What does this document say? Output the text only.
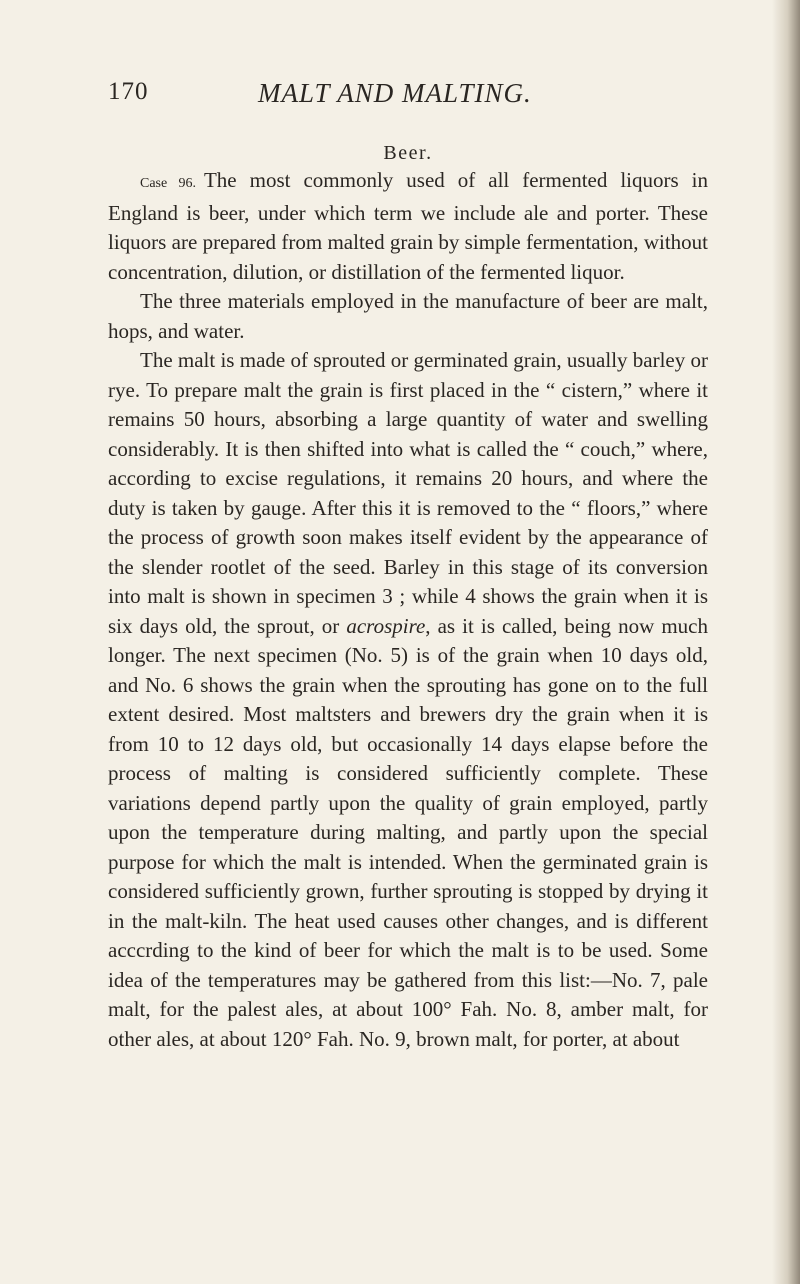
170	MALT AND MALTING.
Beer.

Case 96. The most commonly used of all fermented liquors in England is beer, under which term we include ale and porter. These liquors are prepared from malted grain by simple fermentation, without concentration, dilution, or distillation of the fermented liquor.

The three materials employed in the manufacture of beer are malt, hops, and water.

The malt is made of sprouted or germinated grain, usually barley or rye. To prepare malt the grain is first placed in the “ cistern,” where it remains 50 hours, absorbing a large quantity of water and swelling considerably. It is then shifted into what is called the “ couch,” where, according to excise regulations, it remains 20 hours, and where the duty is taken by gauge. After this it is removed to the “ floors,” where the process of growth soon makes itself evident by the appearance of the slender rootlet of the seed. Barley in this stage of its conversion into malt is shown in specimen 3 ; while 4 shows the grain when it is six days old, the sprout, or acrospire, as it is called, being now much longer. The next specimen (No. 5) is of the grain when 10 days old, and No. 6 shows the grain when the sprouting has gone on to the full extent desired. Most maltsters and brewers dry the grain when it is from 10 to 12 days old, but occasionally 14 days elapse before the process of malting is considered sufficiently complete. These variations depend partly upon the quality of grain employed, partly upon the temperature during malting, and partly upon the special purpose for which the malt is intended. When the germinated grain is considered sufficiently grown, further sprouting is stopped by drying it in the malt-kiln. The heat used causes other changes, and is different acccrding to the kind of beer for which the malt is to be used. Some idea of the temperatures may be gathered from this list:—No. 7, pale malt, for the palest ales, at about 100° Fah. No. 8, amber malt, for other ales, at about 120° Fah. No. 9, brown malt, for porter, at about
